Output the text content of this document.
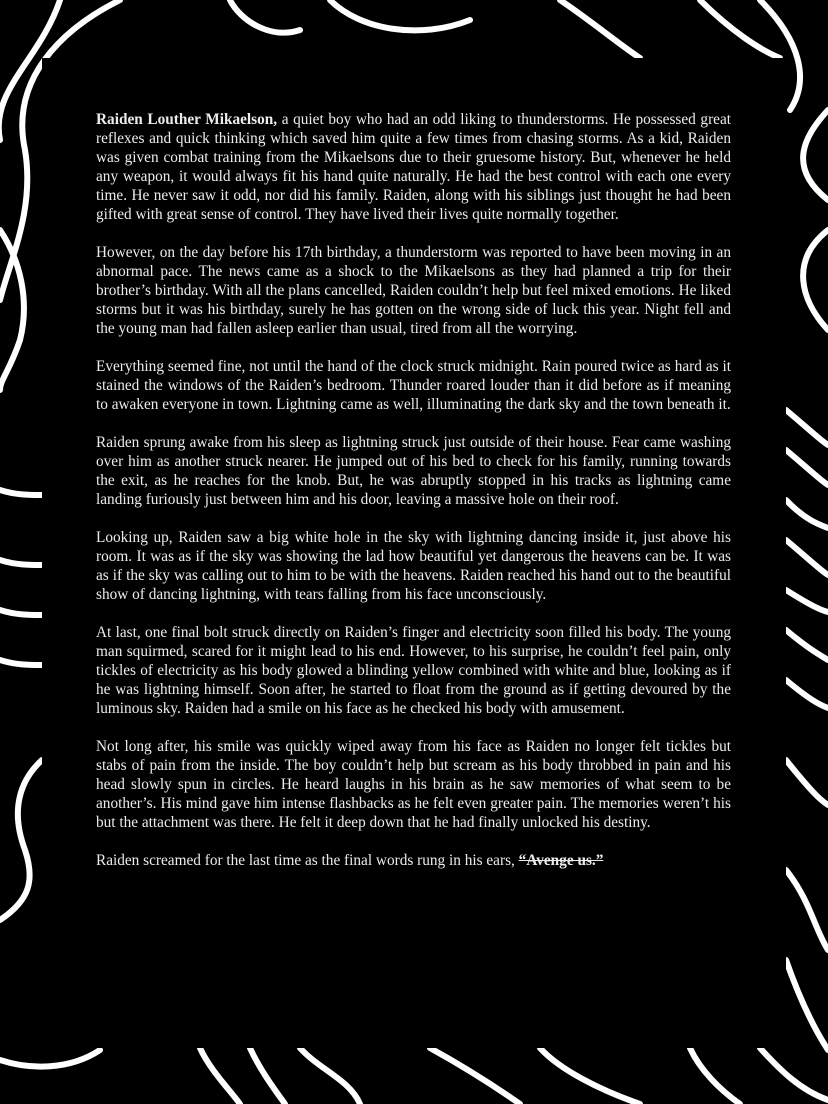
Raiden Louther Mikaelson, a quiet boy who had an odd liking to thunderstorms. He possessed great reflexes and quick thinking which saved him quite a few times from chasing storms. As a kid, Raiden was given combat training from the Mikaelsons due to their gruesome history. But, whenever he held any weapon, it would always fit his hand quite naturally. He had the best control with each one every time. He never saw it odd, nor did his family. Raiden, along with his siblings just thought he had been gifted with great sense of control. They have lived their lives quite normally together.

However, on the day before his 17th birthday, a thunderstorm was reported to have been moving in an abnormal pace. The news came as a shock to the Mikaelsons as they had planned a trip for their brother’s birthday. With all the plans cancelled, Raiden couldn’t help but feel mixed emotions. He liked storms but it was his birthday, surely he has gotten on the wrong side of luck this year. Night fell and the young man had fallen asleep earlier than usual, tired from all the worrying.

Everything seemed fine, not until the hand of the clock struck midnight. Rain poured twice as hard as it stained the windows of the Raiden’s bedroom. Thunder roared louder than it did before as if meaning to awaken everyone in town. Lightning came as well, illuminating the dark sky and the town beneath it.

Raiden sprung awake from his sleep as lightning struck just outside of their house. Fear came washing over him as another struck nearer. He jumped out of his bed to check for his family, running towards the exit, as he reaches for the knob. But, he was abruptly stopped in his tracks as lightning came landing furiously just between him and his door, leaving a massive hole on their roof.

Looking up, Raiden saw a big white hole in the sky with lightning dancing inside it, just above his room. It was as if the sky was showing the lad how beautiful yet dangerous the heavens can be. It was as if the sky was calling out to him to be with the heavens. Raiden reached his hand out to the beautiful show of dancing lightning, with tears falling from his face unconsciously.

At last, one final bolt struck directly on Raiden’s finger and electricity soon filled his body. The young man squirmed, scared for it might lead to his end. However, to his surprise, he couldn’t feel pain, only tickles of electricity as his body glowed a blinding yellow combined with white and blue, looking as if he was lightning himself. Soon after, he started to float from the ground as if getting devoured by the luminous sky. Raiden had a smile on his face as he checked his body with amusement.

Not long after, his smile was quickly wiped away from his face as Raiden no longer felt tickles but stabs of pain from the inside. The boy couldn’t help but scream as his body throbbed in pain and his head slowly spun in circles. He heard laughs in his brain as he saw memories of what seem to be another’s. His mind gave him intense flashbacks as he felt even greater pain. The memories weren’t his but the attachment was there. He felt it deep down that he had finally unlocked his destiny.

Raiden screamed for the last time as the final words rung in his ears, “Avenge us.”
